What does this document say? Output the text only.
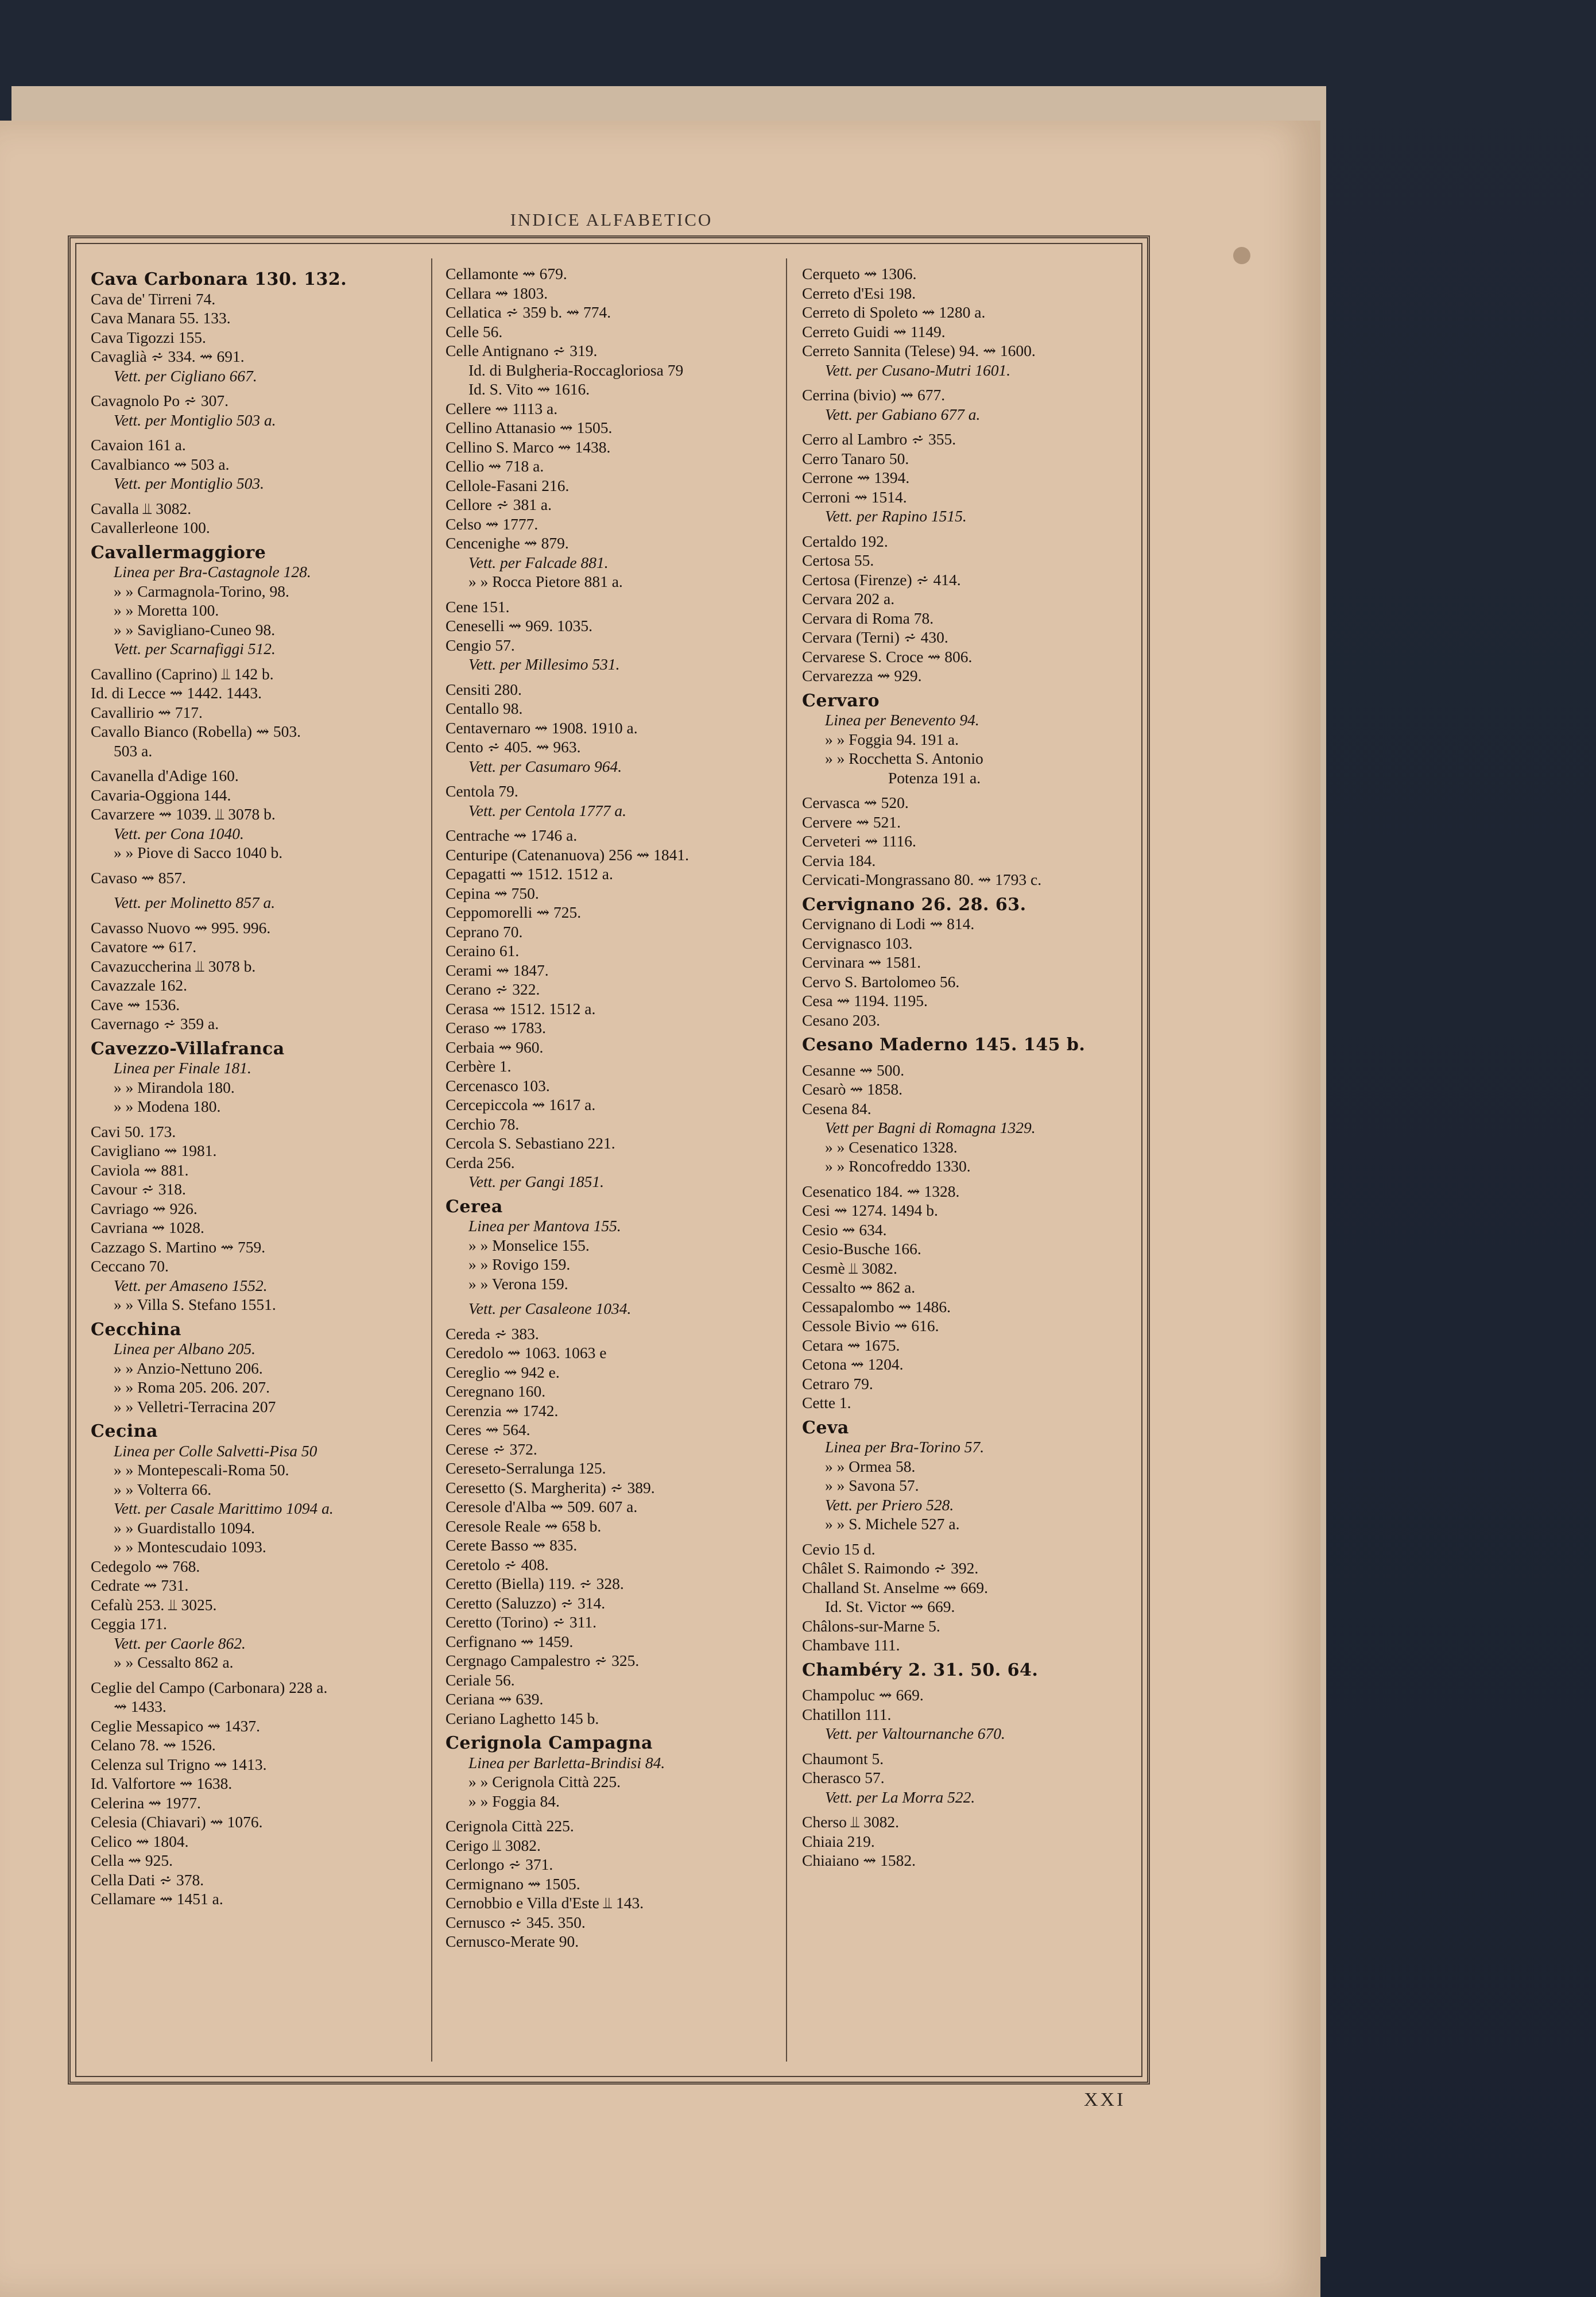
INDICE ALFABETICO
Cava Carbonara 130. 132.
Cava de' Tirreni 74.
Cava Manara 55. 133.
Cava Tigozzi 155.
Cavaglià ⩫ 334. ⇝ 691.
Vett. per Cigliano 667.
Cavagnolo Po ⩫ 307.
Vett. per Montiglio 503 a.
Cavaion 161 a.
Cavalbianco ⇝ 503 a.
Vett. per Montiglio 503.
Cavalla ⫫ 3082.
Cavallerleone 100.
Cavallermaggiore
Linea per Bra-Castagnole 128.
» » Carmagnola-Torino, 98.
» » Moretta 100.
» » Savigliano-Cuneo 98.
Vett. per Scarnafiggi 512.
Cavallino (Caprino) ⫫ 142 b.
Id. di Lecce ⇝ 1442. 1443.
Cavallirio ⇝ 717.
Cavallo Bianco (Robella) ⇝ 503.
503 a.
Cavanella d'Adige 160.
Cavaria-Oggiona 144.
Cavarzere ⇝ 1039. ⫫ 3078 b.
Vett. per Cona 1040.
» » Piove di Sacco 1040 b.
Cavaso ⇝ 857.
Vett. per Molinetto 857 a.
Cavasso Nuovo ⇝ 995. 996.
Cavatore ⇝ 617.
Cavazuccherina ⫫ 3078 b.
Cavazzale 162.
Cave ⇝ 1536.
Cavernago ⩫ 359 a.
Cavezzo-Villafranca
Linea per Finale 181.
» » Mirandola 180.
» » Modena 180.
Cavi 50. 173.
Cavigliano ⇝ 1981.
Caviola ⇝ 881.
Cavour ⩫ 318.
Cavriago ⇝ 926.
Cavriana ⇝ 1028.
Cazzago S. Martino ⇝ 759.
Ceccano 70.
Vett. per Amaseno 1552.
» » Villa S. Stefano 1551.
Cecchina
Linea per Albano 205.
» » Anzio-Nettuno 206.
» » Roma 205. 206. 207.
» » Velletri-Terracina 207
Cecina
Linea per Colle Salvetti-Pisa 50
» » Montepescali-Roma 50.
» » Volterra 66.
Vett. per Casale Marittimo 1094 a.
» » Guardistallo 1094.
» » Montescudaio 1093.
Cedegolo ⇝ 768.
Cedrate ⇝ 731.
Cefalù 253. ⫫ 3025.
Ceggia 171.
Vett. per Caorle 862.
» » Cessalto 862 a.
Ceglie del Campo (Carbonara) 228 a.
⇝ 1433.
Ceglie Messapico ⇝ 1437.
Celano 78. ⇝ 1526.
Celenza sul Trigno ⇝ 1413.
Id. Valfortore ⇝ 1638.
Celerina ⇝ 1977.
Celesia (Chiavari) ⇝ 1076.
Celico ⇝ 1804.
Cella ⇝ 925.
Cella Dati ⩫ 378.
Cellamare ⇝ 1451 a.
Cellamonte ⇝ 679.
Cellara ⇝ 1803.
Cellatica ⩫ 359 b. ⇝ 774.
Celle 56.
Celle Antignano ⩫ 319.
Id. di Bulgheria-Roccagloriosa 79
Id. S. Vito ⇝ 1616.
Cellere ⇝ 1113 a.
Cellino Attanasio ⇝ 1505.
Cellino S. Marco ⇝ 1438.
Cellio ⇝ 718 a.
Cellole-Fasani 216.
Cellore ⩫ 381 a.
Celso ⇝ 1777.
Cencenighe ⇝ 879.
Vett. per Falcade 881.
» » Rocca Pietore 881 a.
Cene 151.
Ceneselli ⇝ 969. 1035.
Cengio 57.
Vett. per Millesimo 531.
Censiti 280.
Centallo 98.
Centavernaro ⇝ 1908. 1910 a.
Cento ⩫ 405. ⇝ 963.
Vett. per Casumaro 964.
Centola 79.
Vett. per Centola 1777 a.
Centrache ⇝ 1746 a.
Centuripe (Catenanuova) 256 ⇝ 1841.
Cepagatti ⇝ 1512. 1512 a.
Cepina ⇝ 750.
Ceppomorelli ⇝ 725.
Ceprano 70.
Ceraino 61.
Cerami ⇝ 1847.
Cerano ⩫ 322.
Cerasa ⇝ 1512. 1512 a.
Ceraso ⇝ 1783.
Cerbaia ⇝ 960.
Cerbère 1.
Cercenasco 103.
Cercepiccola ⇝ 1617 a.
Cerchio 78.
Cercola S. Sebastiano 221.
Cerda 256.
Vett. per Gangi 1851.
Cerea
Linea per Mantova 155.
» » Monselice 155.
» » Rovigo 159.
» » Verona 159.
Vett. per Casaleone 1034.
Cereda ⩫ 383.
Ceredolo ⇝ 1063. 1063 e
Cereglio ⇝ 942 e.
Ceregnano 160.
Cerenzia ⇝ 1742.
Ceres ⇝ 564.
Cerese ⩫ 372.
Cereseto-Serralunga 125.
Ceresetto (S. Margherita) ⩫ 389.
Ceresole d'Alba ⇝ 509. 607 a.
Ceresole Reale ⇝ 658 b.
Cerete Basso ⇝ 835.
Ceretolo ⩫ 408.
Ceretto (Biella) 119. ⩫ 328.
Ceretto (Saluzzo) ⩫ 314.
Ceretto (Torino) ⩫ 311.
Cerfignano ⇝ 1459.
Cergnago Campalestro ⩫ 325.
Ceriale 56.
Ceriana ⇝ 639.
Ceriano Laghetto 145 b.
Cerignola Campagna
Linea per Barletta-Brindisi 84.
» » Cerignola Città 225.
» » Foggia 84.
Cerignola Città 225.
Cerigo ⫫ 3082.
Cerlongo ⩫ 371.
Cermignano ⇝ 1505.
Cernobbio e Villa d'Este ⫫ 143.
Cernusco ⩫ 345. 350.
Cernusco-Merate 90.
Cerqueto ⇝ 1306.
Cerreto d'Esi 198.
Cerreto di Spoleto ⇝ 1280 a.
Cerreto Guidi ⇝ 1149.
Cerreto Sannita (Telese) 94. ⇝ 1600.
Vett. per Cusano-Mutri 1601.
Cerrina (bivio) ⇝ 677.
Vett. per Gabiano 677 a.
Cerro al Lambro ⩫ 355.
Cerro Tanaro 50.
Cerrone ⇝ 1394.
Cerroni ⇝ 1514.
Vett. per Rapino 1515.
Certaldo 192.
Certosa 55.
Certosa (Firenze) ⩫ 414.
Cervara 202 a.
Cervara di Roma 78.
Cervara (Terni) ⩫ 430.
Cervarese S. Croce ⇝ 806.
Cervarezza ⇝ 929.
Cervaro
Linea per Benevento 94.
» » Foggia 94. 191 a.
» » Rocchetta S. Antonio
Potenza 191 a.
Cervasca ⇝ 520.
Cervere ⇝ 521.
Cerveteri ⇝ 1116.
Cervia 184.
Cervicati-Mongrassano 80. ⇝ 1793 c.
Cervignano 26. 28. 63.
Cervignano di Lodi ⇝ 814.
Cervignasco 103.
Cervinara ⇝ 1581.
Cervo S. Bartolomeo 56.
Cesa ⇝ 1194. 1195.
Cesano 203.
Cesano Maderno 145. 145 b.
Cesanne ⇝ 500.
Cesarò ⇝ 1858.
Cesena 84.
Vett per Bagni di Romagna 1329.
» » Cesenatico 1328.
» » Roncofreddo 1330.
Cesenatico 184. ⇝ 1328.
Cesi ⇝ 1274. 1494 b.
Cesio ⇝ 634.
Cesio-Busche 166.
Cesmè ⫫ 3082.
Cessalto ⇝ 862 a.
Cessapalombo ⇝ 1486.
Cessole Bivio ⇝ 616.
Cetara ⇝ 1675.
Cetona ⇝ 1204.
Cetraro 79.
Cette 1.
Ceva
Linea per Bra-Torino 57.
» » Ormea 58.
» » Savona 57.
Vett. per Priero 528.
» » S. Michele 527 a.
Cevio 15 d.
Châlet S. Raimondo ⩫ 392.
Challand St. Anselme ⇝ 669.
Id. St. Victor ⇝ 669.
Châlons-sur-Marne 5.
Chambave 111.
Chambéry 2. 31. 50. 64.
Champoluc ⇝ 669.
Chatillon 111.
Vett. per Valtournanche 670.
Chaumont 5.
Cherasco 57.
Vett. per La Morra 522.
Cherso ⫫ 3082.
Chiaia 219.
Chiaiano ⇝ 1582.
XXI
